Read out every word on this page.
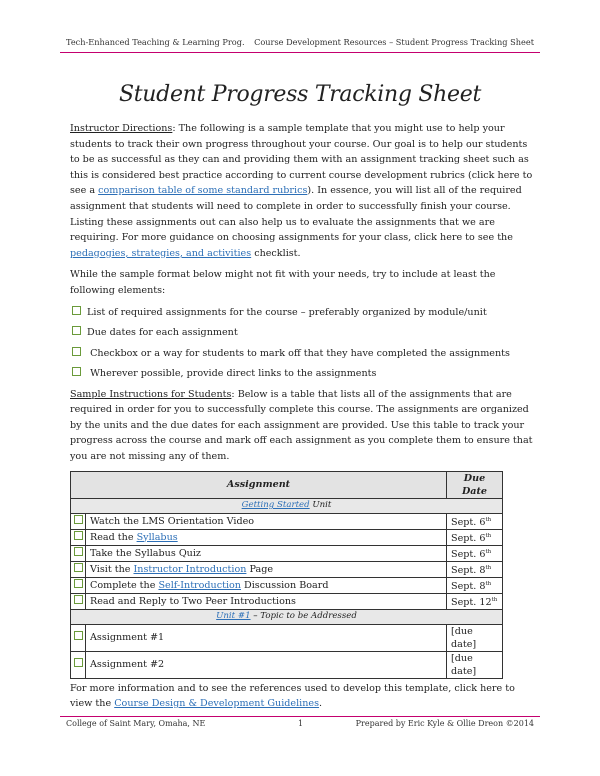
Tech-Enhanced Teaching & Learning Prog. Course Development Resources – Student Progress Tracking Sheet
Student Progress Tracking Sheet

Instructor Directions: The following is a sample template that you might use to help your students to track their own progress throughout your course. Our goal is to help our students to be as successful as they can and providing them with an assignment tracking sheet such as this is considered best practice according to current course development rubrics (click here to see a comparison table of some standard rubrics). In essence, you will list all of the required assignment that students will need to complete in order to successfully finish your course. Listing these assignments out can also help us to evaluate the assignments that we are requiring. For more guidance on choosing assignments for your class, click here to see the pedagogies, strategies, and activities checklist.

While the sample format below might not fit with your needs, try to include at least the following elements:

List of required assignments for the course – preferably organized by module/unit
Due dates for each assignment
Checkbox or a way for students to mark off that they have completed the assignments
Wherever possible, provide direct links to the assignments

Sample Instructions for Students: Below is a table that lists all of the assignments that are required in order for you to successfully complete this course. The assignments are organized by the units and the due dates for each assignment are provided. Use this table to track your progress across the course and mark off each assignment as you complete them to ensure that you are not missing any of them.

Assignment		Due Date
Getting Started Unit		
	Watch the LMS Orientation Video	Sept. 6th
	Read the Syllabus	Sept. 6th
	Take the Syllabus Quiz	Sept. 6th
	Visit the Instructor Introduction Page	Sept. 8th
	Complete the Self-Introduction Discussion Board	Sept. 8th
	Read and Reply to Two Peer Introductions	Sept. 12th
Unit #1 – Topic to be Addressed		
	Assignment #1	[due date]
	Assignment #2	[due date]

For more information and to see the references used to develop this template, click here to view the Course Design & Development Guidelines.

College of Saint Mary, Omaha, NE	1	Prepared by Eric Kyle & Ollie Dreon ©2014
